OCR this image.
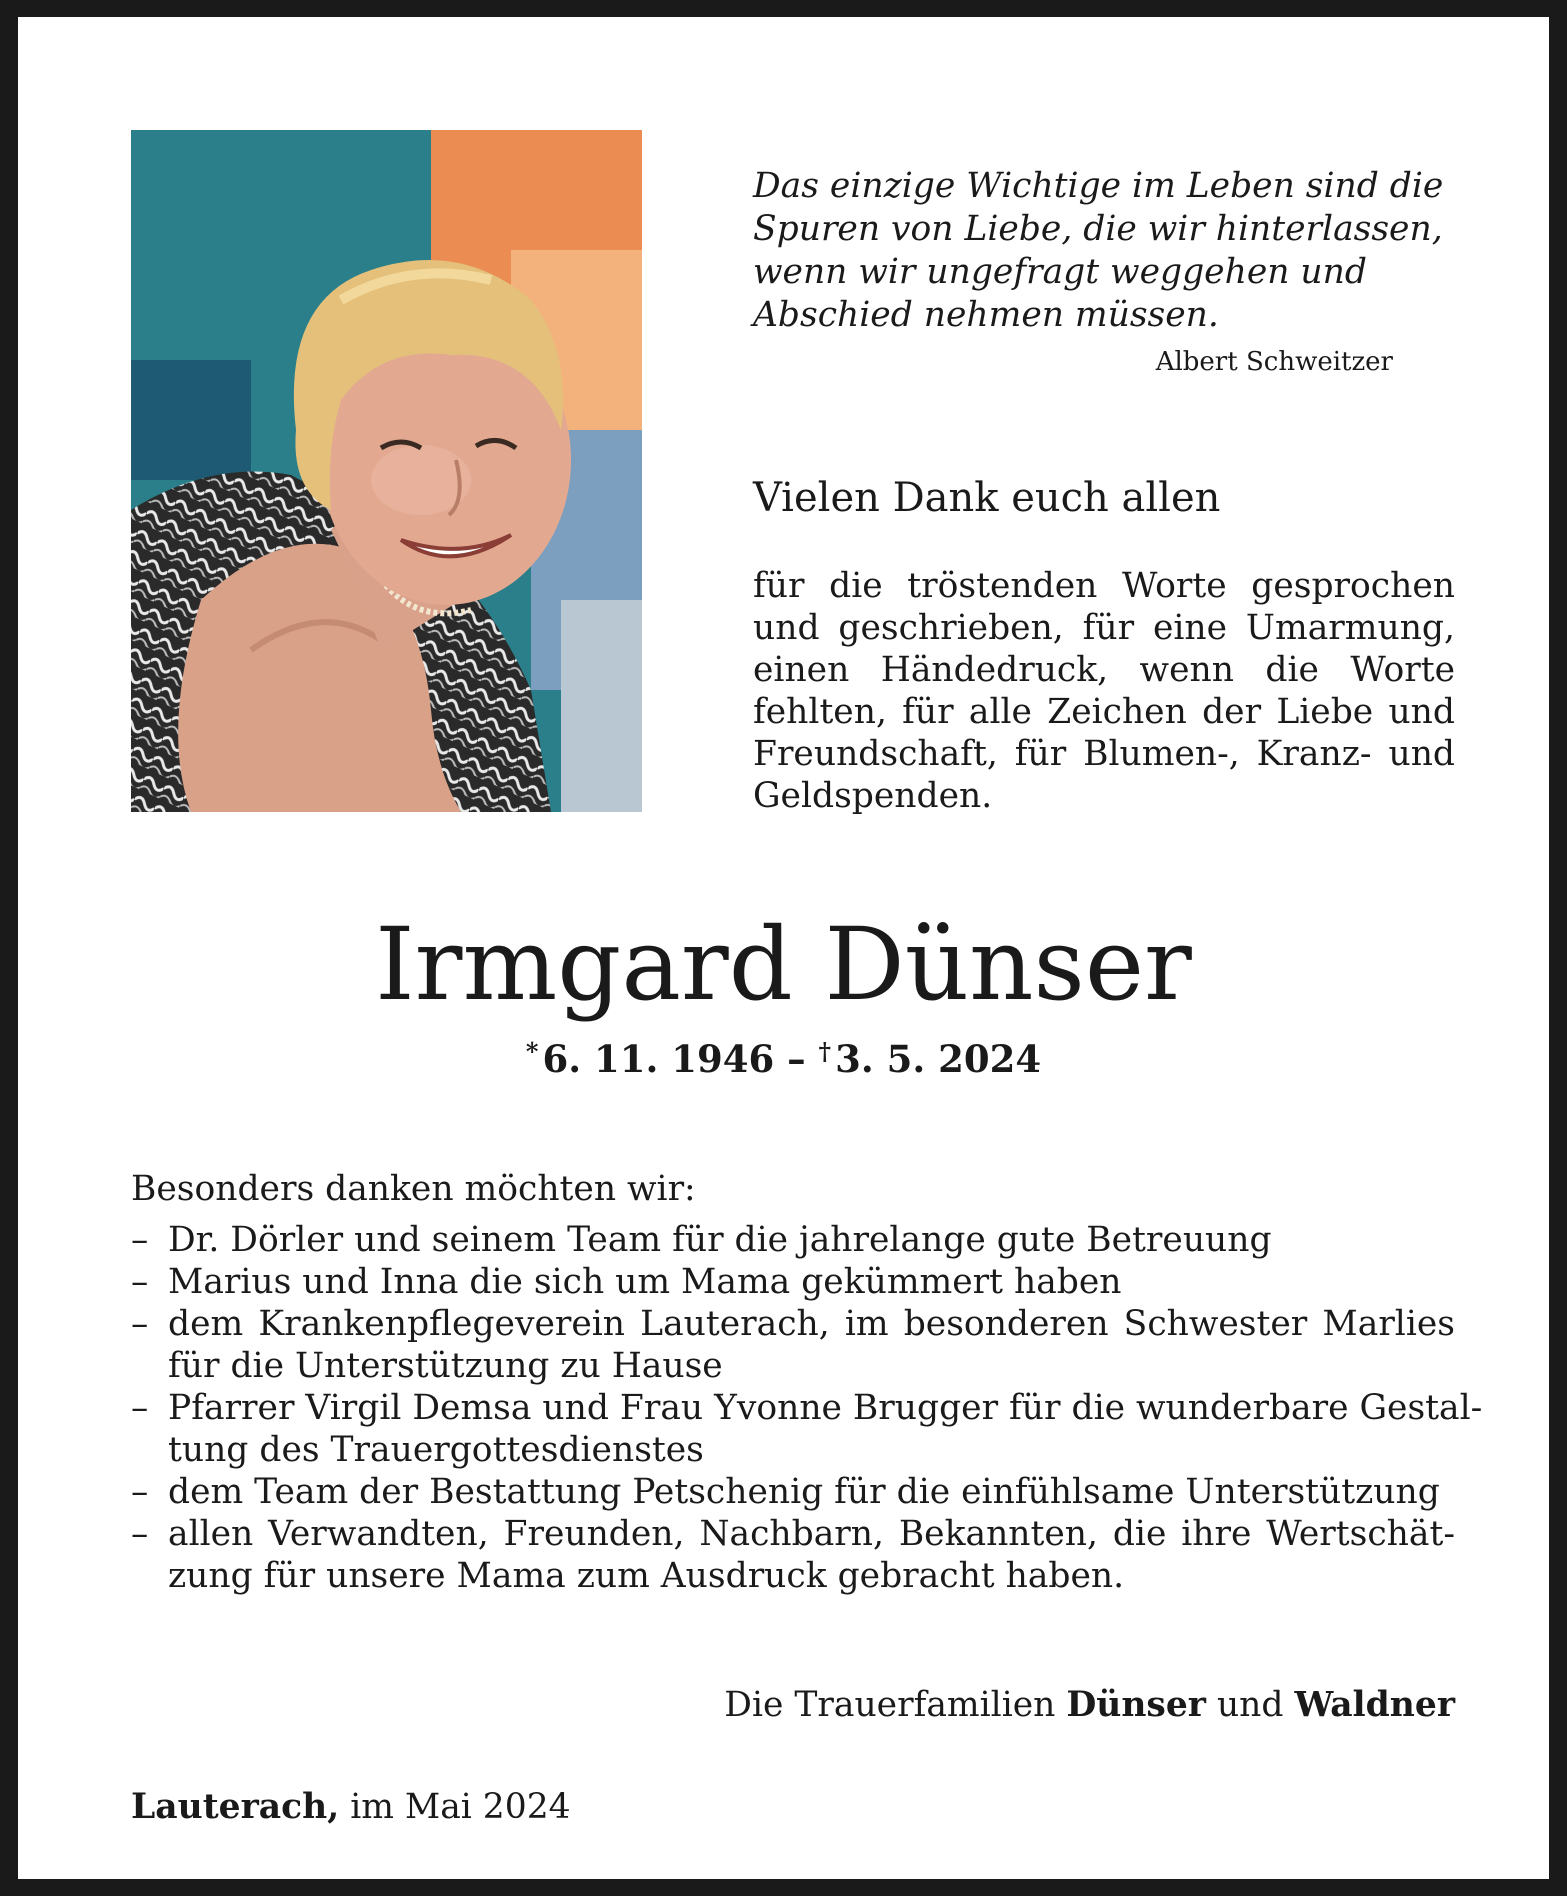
Das einzige Wichtige im Leben sind die
Spuren von Liebe, die wir hinterlassen,
wenn wir ungefragt weggehen und
Abschied nehmen müssen.
Albert Schweitzer
Vielen Dank euch allen
für die tröstenden Worte gesprochen
und geschrieben, für eine Umarmung,
einen Händedruck, wenn die Worte
fehlten, für alle Zeichen der Liebe und
Freundschaft, für Blumen-, Kranz- und
Geldspenden.
Irmgard Dünser
* 6. 11. 1946 – † 3. 5. 2024
Besonders danken möchten wir:
– Dr. Dörler und seinem Team für die jahrelange gute Betreuung
– Marius und Inna die sich um Mama gekümmert haben
– dem Krankenpflegeverein Lauterach, im besonderen Schwester Marlies
für die Unterstützung zu Hause
– Pfarrer Virgil Demsa und Frau Yvonne Brugger für die wunderbare Gestal-
tung des Trauergottesdienstes
– dem Team der Bestattung Petschenig für die einfühlsame Unterstützung
– allen Verwandten, Freunden, Nachbarn, Bekannten, die ihre Wertschät-
zung für unsere Mama zum Ausdruck gebracht haben.
Die Trauerfamilien Dünser und Waldner
Lauterach, im Mai 2024
